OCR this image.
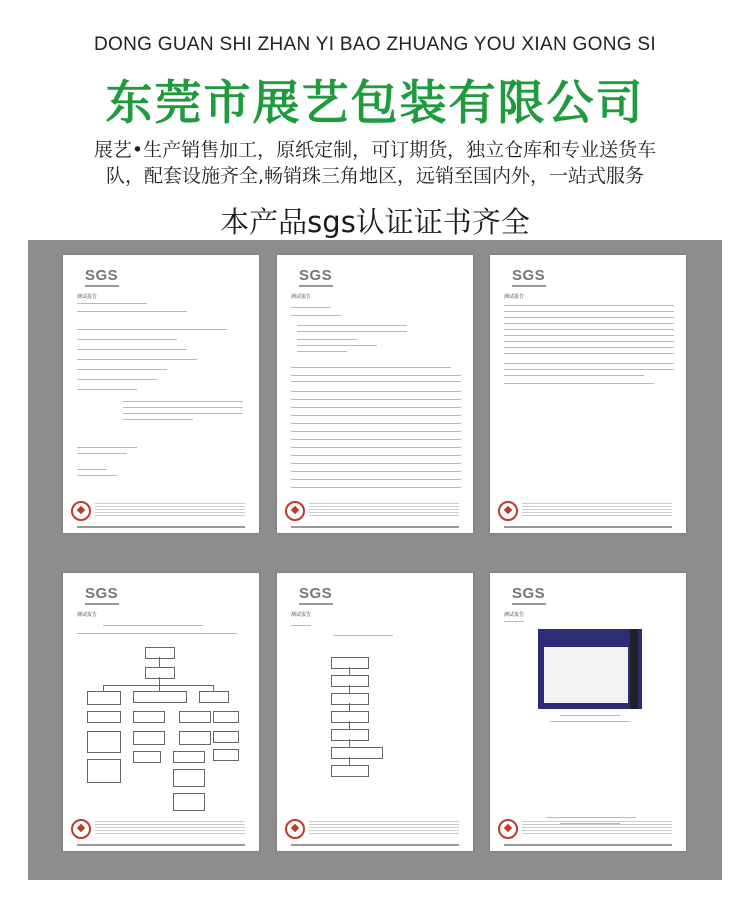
DONG GUAN SHI ZHAN YI BAO ZHUANG YOU XIAN GONG SI
东莞市展艺包装有限公司
展艺•生产销售加工，原纸定制，可订期货，独立仓库和专业送货车
队，配套设施齐全,畅销珠三角地区，远销至国内外，一站式服务
本产品sgs认证证书齐全
SGS
测试报告
SGS
测试报告
SGS
测试报告
SGS
测试报告
SGS
测试报告
SGS
测试报告
